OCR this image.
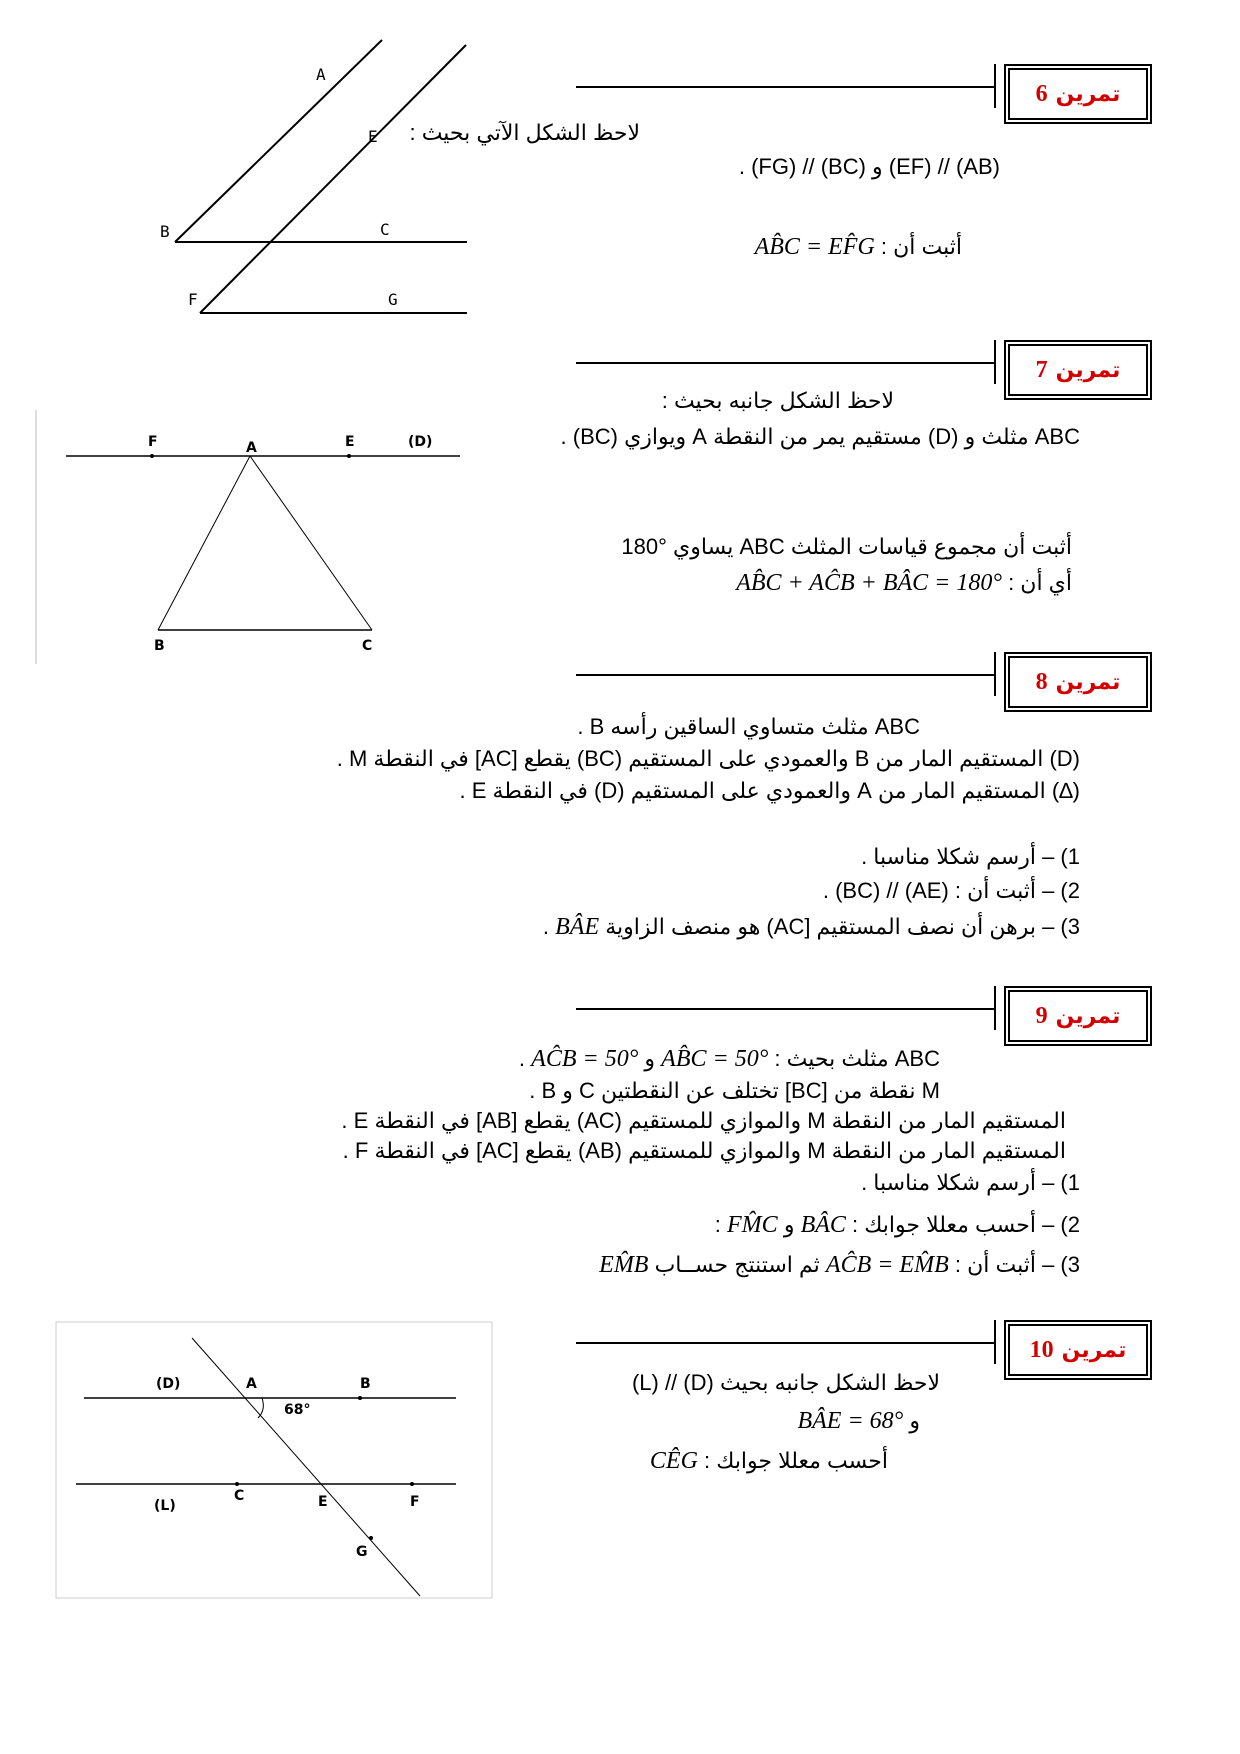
تمرين
6
A
E
B	C
F	G
لاحظ الشكل الآتي بحيث :
. (FG) // (BC) و (EF) // (AB)
أثبت أن : AB̂C = EF̂G
تمرين
7
F	A	E	(D)
B	C
لاحظ الشكل جانبه بحيث :
ABC مثلث و (D) مستقيم يمر من النقطة A ويوازي (BC) .
أثبت أن مجموع قياسات المثلث ABC يساوي °180
أي أن : AB̂C + AĈB + BÂC = 180°
تمرين
8
ABC مثلث متساوي الساقين رأسه B .
(D) المستقيم المار من B والعمودي على المستقيم (BC) يقطع [AC] في النقطة M .
(∆) المستقيم المار من A والعمودي على المستقيم (D) في النقطة E .
1) – أرسم شكلا مناسبا .
2) – أثبت أن : (AE) // (BC) .
3) – برهن أن نصف المستقيم [AC) هو منصف الزاوية BÂE .
تمرين
9
ABC مثلث بحيث : AB̂C = 50° و AĈB = 50° .
M نقطة من [BC] تختلف عن النقطتين C و B .
المستقيم المار من النقطة M والموازي للمستقيم (AC) يقطع [AB] في النقطة E .
المستقيم المار من النقطة M والموازي للمستقيم (AB) يقطع [AC] في النقطة F .
1) – أرسم شكلا مناسبا .
2) – أحسب معللا جوابك : BÂC و FM̂C :
3) – أثبت أن : AĈB = EM̂B ثم استنتج حســاب EM̂B
تمرين
10
(D)	A	B
68°
(L)
C	E	F
G
لاحظ الشكل جانبه بحيث (L) // (D)
و BÂE = 68°
أحسب معللا جوابك : CÊG
